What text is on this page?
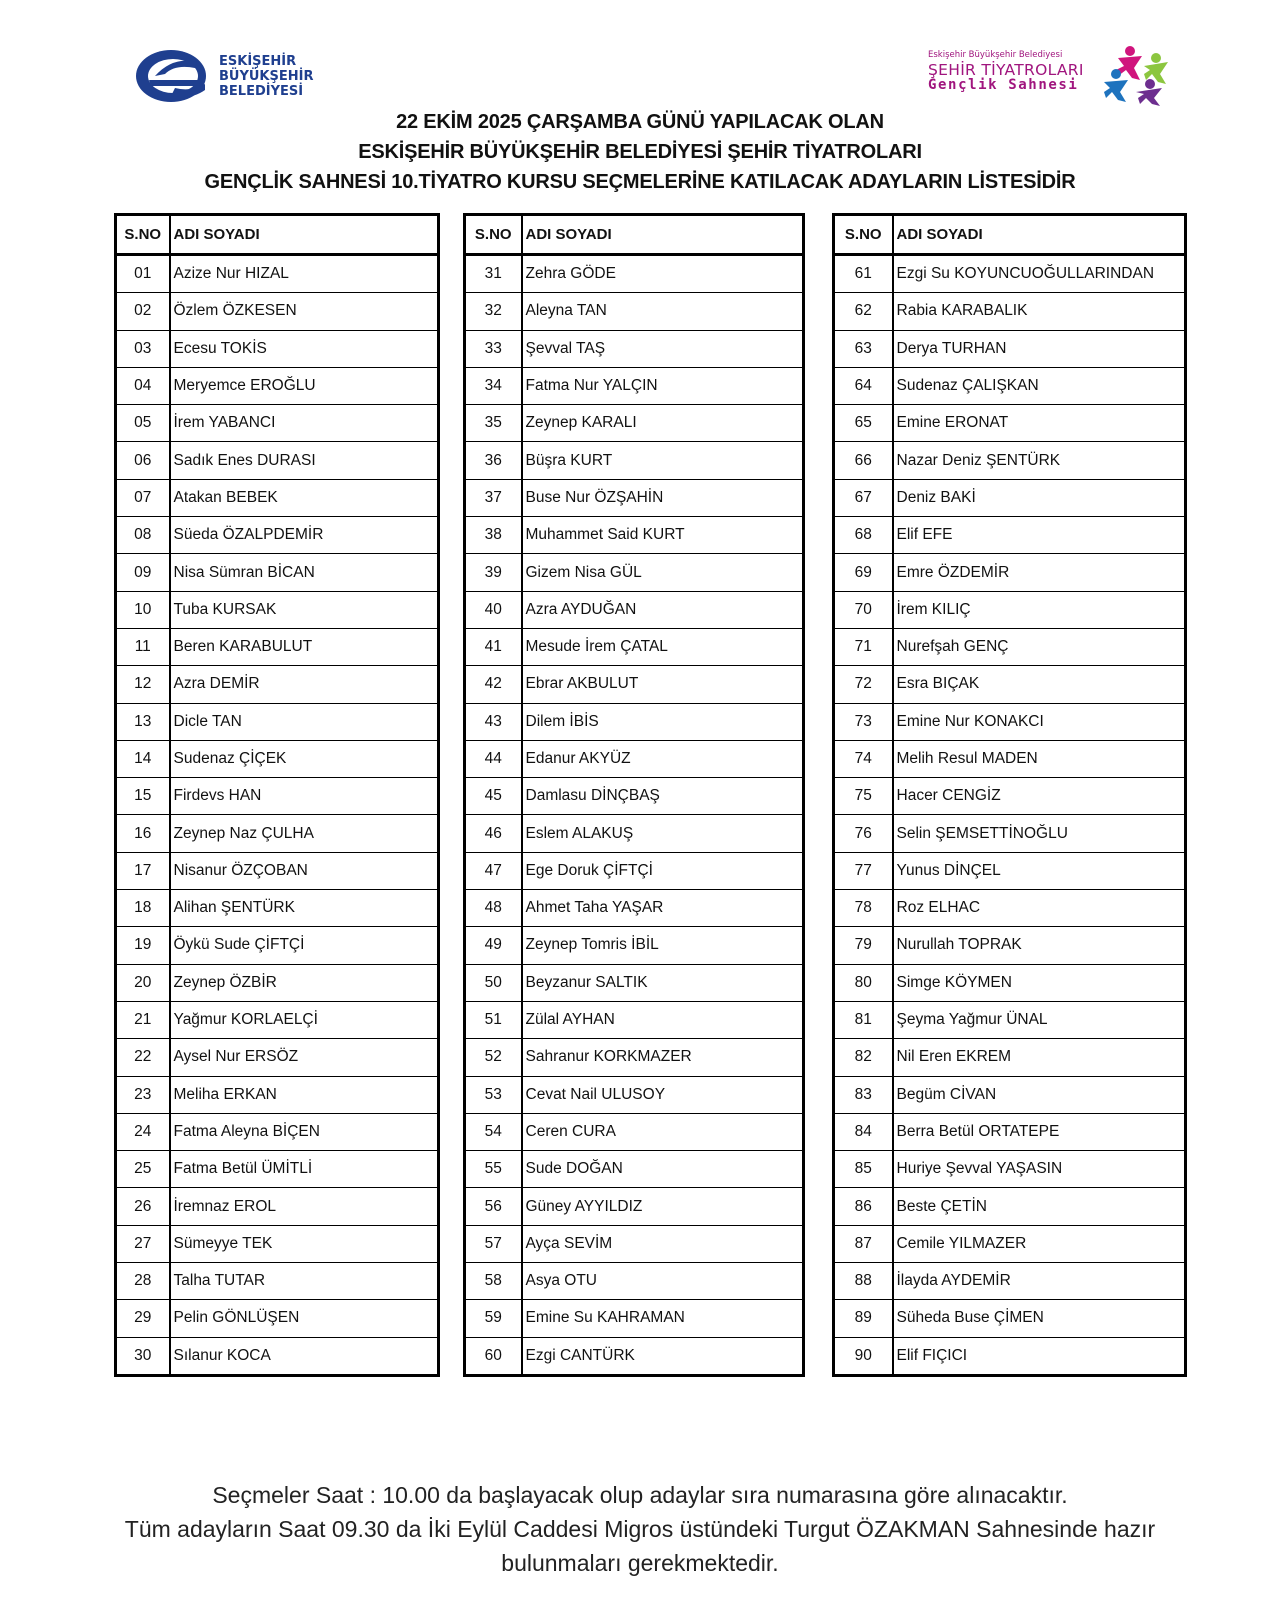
ESKİŞEHİR
BÜYÜKŞEHİR
BELEDİYESİ
Eskişehir Büyükşehir Belediyesi
ŞEHİR TİYATROLARI
Gençlik Sahnesi
22 EKİM 2025 ÇARŞAMBA GÜNÜ YAPILACAK OLAN
ESKİŞEHİR BÜYÜKŞEHİR BELEDİYESİ ŞEHİR TİYATROLARI
GENÇLİK SAHNESİ 10.TİYATRO KURSU SEÇMELERİNE KATILACAK ADAYLARIN LİSTESİDİR
S.NO	ADI SOYADI
01	Azize Nur HIZAL
02	Özlem ÖZKESEN
03	Ecesu TOKİS
04	Meryemce EROĞLU
05	İrem YABANCI
06	Sadık Enes DURASI
07	Atakan BEBEK
08	Süeda ÖZALPDEMİR
09	Nisa Sümran BİCAN
10	Tuba KURSAK
11	Beren KARABULUT
12	Azra DEMİR
13	Dicle TAN
14	Sudenaz ÇİÇEK
15	Firdevs HAN
16	Zeynep Naz ÇULHA
17	Nisanur ÖZÇOBAN
18	Alihan ŞENTÜRK
19	Öykü Sude ÇİFTÇİ
20	Zeynep ÖZBİR
21	Yağmur KORLAELÇİ
22	Aysel Nur ERSÖZ
23	Meliha ERKAN
24	Fatma Aleyna BİÇEN
25	Fatma Betül ÜMİTLİ
26	İremnaz EROL
27	Sümeyye TEK
28	Talha TUTAR
29	Pelin GÖNLÜŞEN
30	Sılanur KOCA
S.NO	ADI SOYADI
31	Zehra GÖDE
32	Aleyna TAN
33	Şevval TAŞ
34	Fatma Nur YALÇIN
35	Zeynep KARALI
36	Büşra KURT
37	Buse Nur ÖZŞAHİN
38	Muhammet Said KURT
39	Gizem Nisa GÜL
40	Azra AYDUĞAN
41	Mesude İrem ÇATAL
42	Ebrar AKBULUT
43	Dilem İBİS
44	Edanur AKYÜZ
45	Damlasu DİNÇBAŞ
46	Eslem ALAKUŞ
47	Ege Doruk ÇİFTÇİ
48	Ahmet Taha YAŞAR
49	Zeynep Tomris İBİL
50	Beyzanur SALTIK
51	Zülal AYHAN
52	Sahranur KORKMAZER
53	Cevat Nail ULUSOY
54	Ceren CURA
55	Sude DOĞAN
56	Güney AYYILDIZ
57	Ayça SEVİM
58	Asya OTU
59	Emine Su KAHRAMAN
60	Ezgi CANTÜRK
S.NO	ADI SOYADI
61	Ezgi Su KOYUNCUOĞULLARINDAN
62	Rabia KARABALIK
63	Derya TURHAN
64	Sudenaz ÇALIŞKAN
65	Emine ERONAT
66	Nazar Deniz ŞENTÜRK
67	Deniz BAKİ
68	Elif EFE
69	Emre ÖZDEMİR
70	İrem KILIÇ
71	Nurefşah GENÇ
72	Esra BIÇAK
73	Emine Nur KONAKCI
74	Melih Resul MADEN
75	Hacer CENGİZ
76	Selin ŞEMSETTİNOĞLU
77	Yunus DİNÇEL
78	Roz ELHAC
79	Nurullah TOPRAK
80	Simge KÖYMEN
81	Şeyma Yağmur ÜNAL
82	Nil Eren EKREM
83	Begüm CİVAN
84	Berra Betül ORTATEPE
85	Huriye Şevval YAŞASIN
86	Beste ÇETİN
87	Cemile YILMAZER
88	İlayda AYDEMİR
89	Süheda Buse ÇİMEN
90	Elif FIÇICI
Seçmeler Saat : 10.00 da başlayacak olup adaylar sıra numarasına göre alınacaktır.
Tüm adayların Saat 09.30 da İki Eylül Caddesi Migros üstündeki Turgut ÖZAKMAN Sahnesinde hazır
bulunmaları gerekmektedir.
